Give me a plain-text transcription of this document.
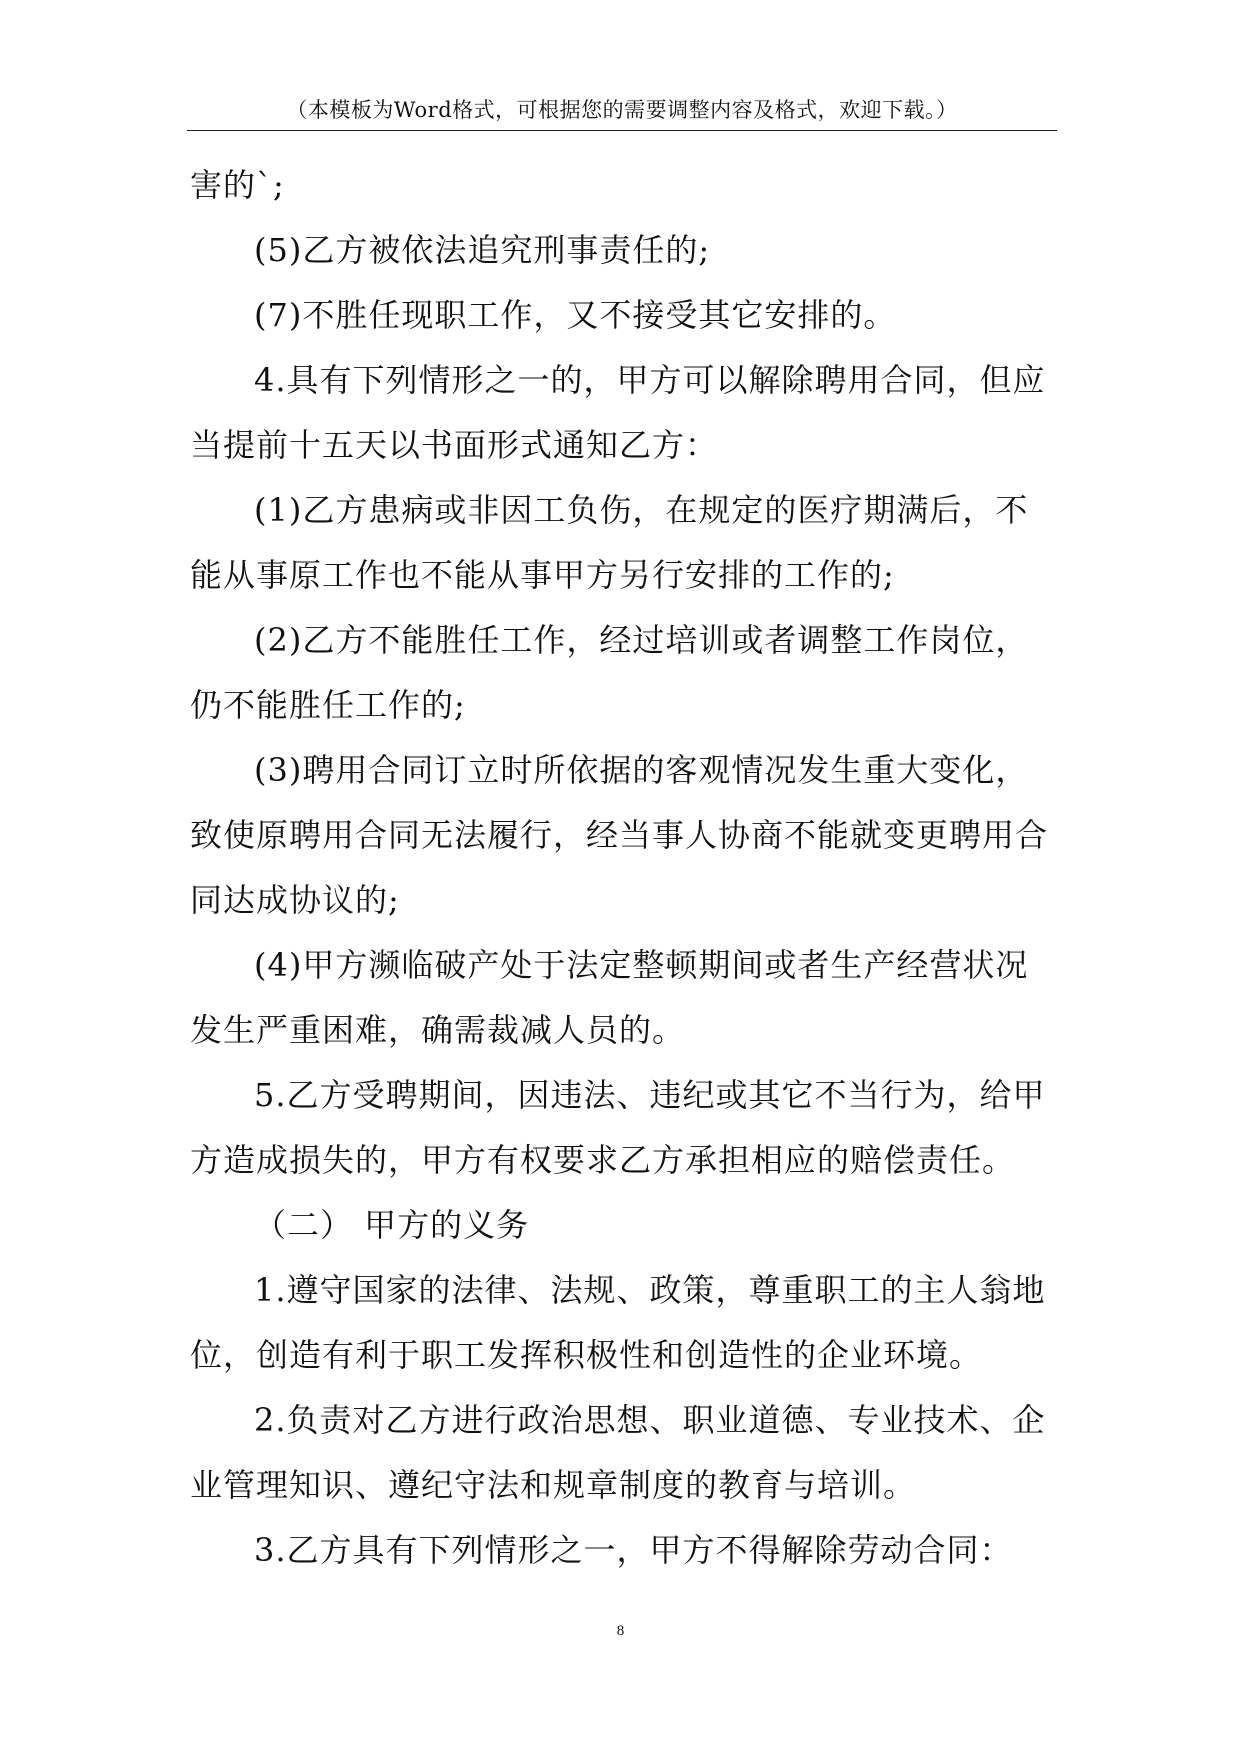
（本模板为Word格式，可根据您的需要调整内容及格式，欢迎下载。）
害的`;
(5)乙方被依法追究刑事责任的;
(7)不胜任现职工作，又不接受其它安排的。
4.具有下列情形之一的，甲方可以解除聘用合同，但应
当提前十五天以书面形式通知乙方：
(1)乙方患病或非因工负伤，在规定的医疗期满后，不
能从事原工作也不能从事甲方另行安排的工作的;
(2)乙方不能胜任工作，经过培训或者调整工作岗位，
仍不能胜任工作的;
(3)聘用合同订立时所依据的客观情况发生重大变化，
致使原聘用合同无法履行，经当事人协商不能就变更聘用合
同达成协议的;
(4)甲方濒临破产处于法定整顿期间或者生产经营状况
发生严重困难，确需裁减人员的。
5.乙方受聘期间，因违法、违纪或其它不当行为，给甲
方造成损失的，甲方有权要求乙方承担相应的赔偿责任。
（二） 甲方的义务
1.遵守国家的法律、法规、政策，尊重职工的主人翁地
位，创造有利于职工发挥积极性和创造性的企业环境。
2.负责对乙方进行政治思想、职业道德、专业技术、企
业管理知识、遵纪守法和规章制度的教育与培训。
3.乙方具有下列情形之一，甲方不得解除劳动合同：
8
